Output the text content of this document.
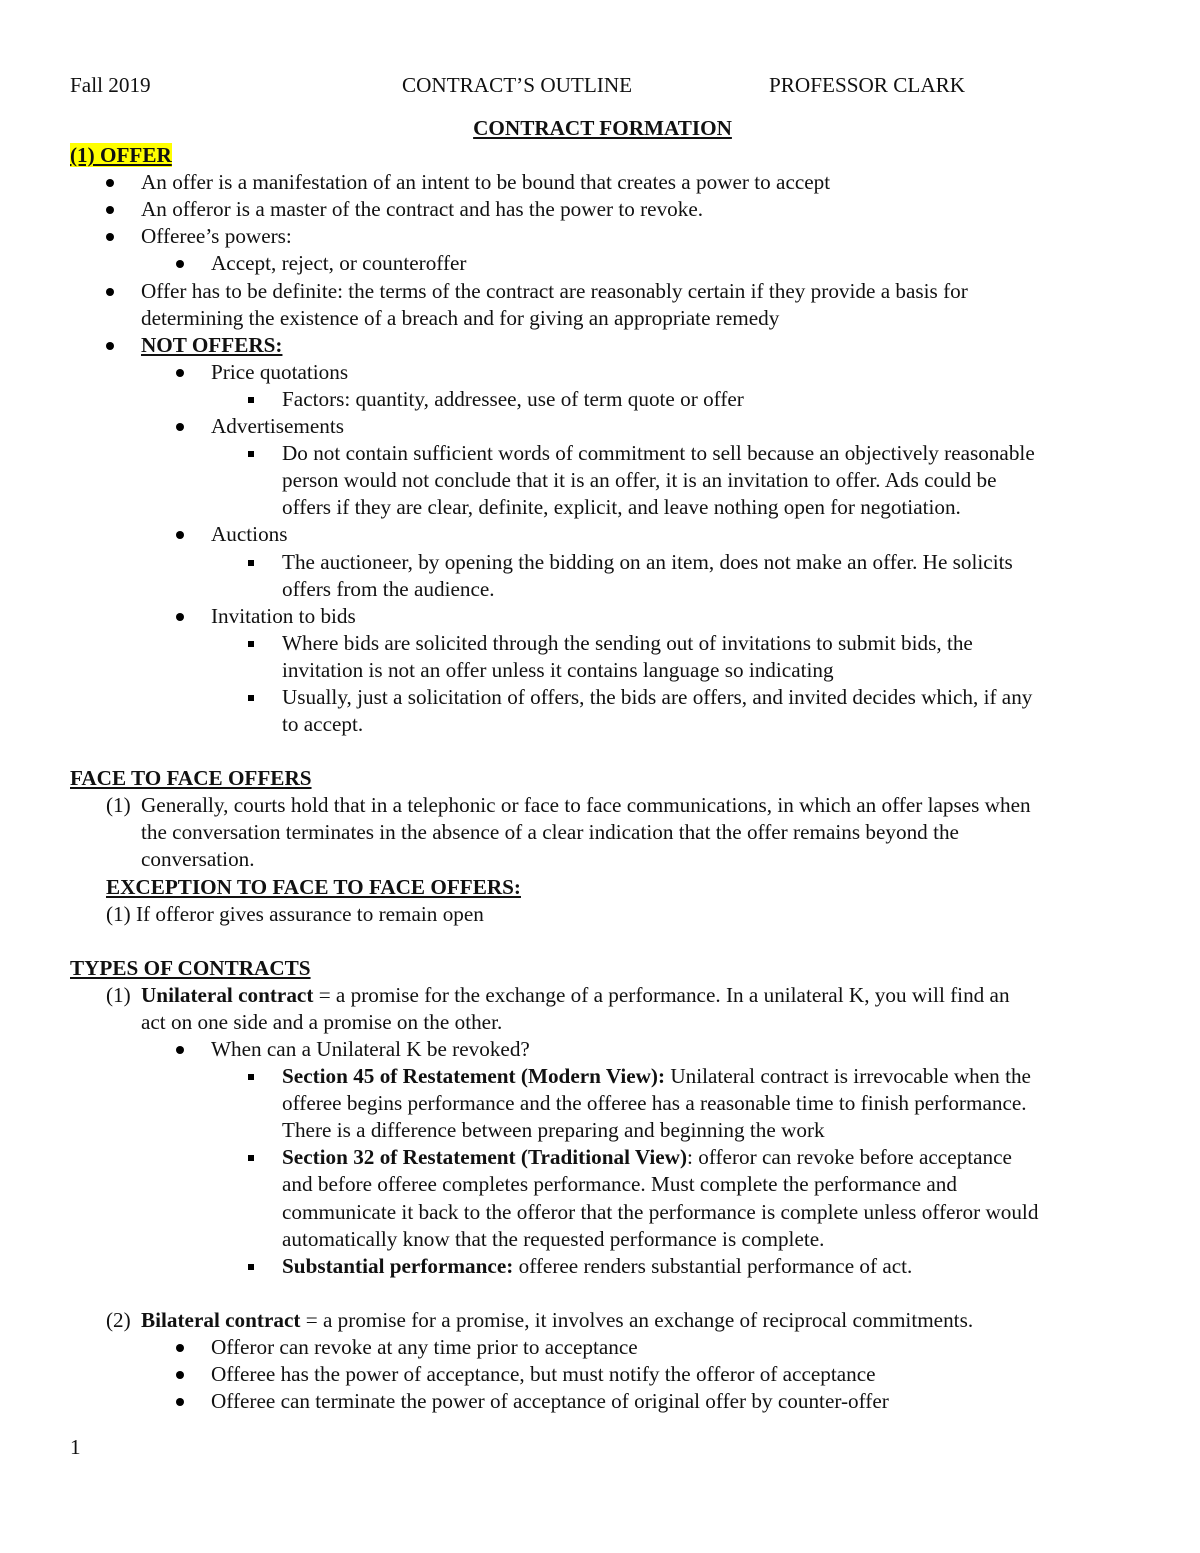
Fall 2019	CONTRACT’S OUTLINE	PROFESSOR CLARK
CONTRACT FORMATION
(1) OFFER
An offer is a manifestation of an intent to be bound that creates a power to accept
An offeror is a master of the contract and has the power to revoke.
Offeree’s powers:
Accept, reject, or counteroffer
Offer has to be definite: the terms of the contract are reasonably certain if they provide a basis for
determining the existence of a breach and for giving an appropriate remedy
NOT OFFERS:
Price quotations
Factors: quantity, addressee, use of term quote or offer
Advertisements
Do not contain sufficient words of commitment to sell because an objectively reasonable
person would not conclude that it is an offer, it is an invitation to offer. Ads could be
offers if they are clear, definite, explicit, and leave nothing open for negotiation.
Auctions
The auctioneer, by opening the bidding on an item, does not make an offer. He solicits
offers from the audience.
Invitation to bids
Where bids are solicited through the sending out of invitations to submit bids, the
invitation is not an offer unless it contains language so indicating
Usually, just a solicitation of offers, the bids are offers, and invited decides which, if any
to accept.
FACE TO FACE OFFERS
(1) Generally, courts hold that in a telephonic or face to face communications, in which an offer lapses when
the conversation terminates in the absence of a clear indication that the offer remains beyond the
conversation.
EXCEPTION TO FACE TO FACE OFFERS:
(1) If offeror gives assurance to remain open
TYPES OF CONTRACTS
(1) Unilateral contract = a promise for the exchange of a performance. In a unilateral K, you will find an
act on one side and a promise on the other.
When can a Unilateral K be revoked?
Section 45 of Restatement (Modern View): Unilateral contract is irrevocable when the
offeree begins performance and the offeree has a reasonable time to finish performance.
There is a difference between preparing and beginning the work
Section 32 of Restatement (Traditional View): offeror can revoke before acceptance
and before offeree completes performance. Must complete the performance and
communicate it back to the offeror that the performance is complete unless offeror would
automatically know that the requested performance is complete.
Substantial performance: offeree renders substantial performance of act.
(2) Bilateral contract = a promise for a promise, it involves an exchange of reciprocal commitments.
Offeror can revoke at any time prior to acceptance
Offeree has the power of acceptance, but must notify the offeror of acceptance
Offeree can terminate the power of acceptance of original offer by counter-offer
1
